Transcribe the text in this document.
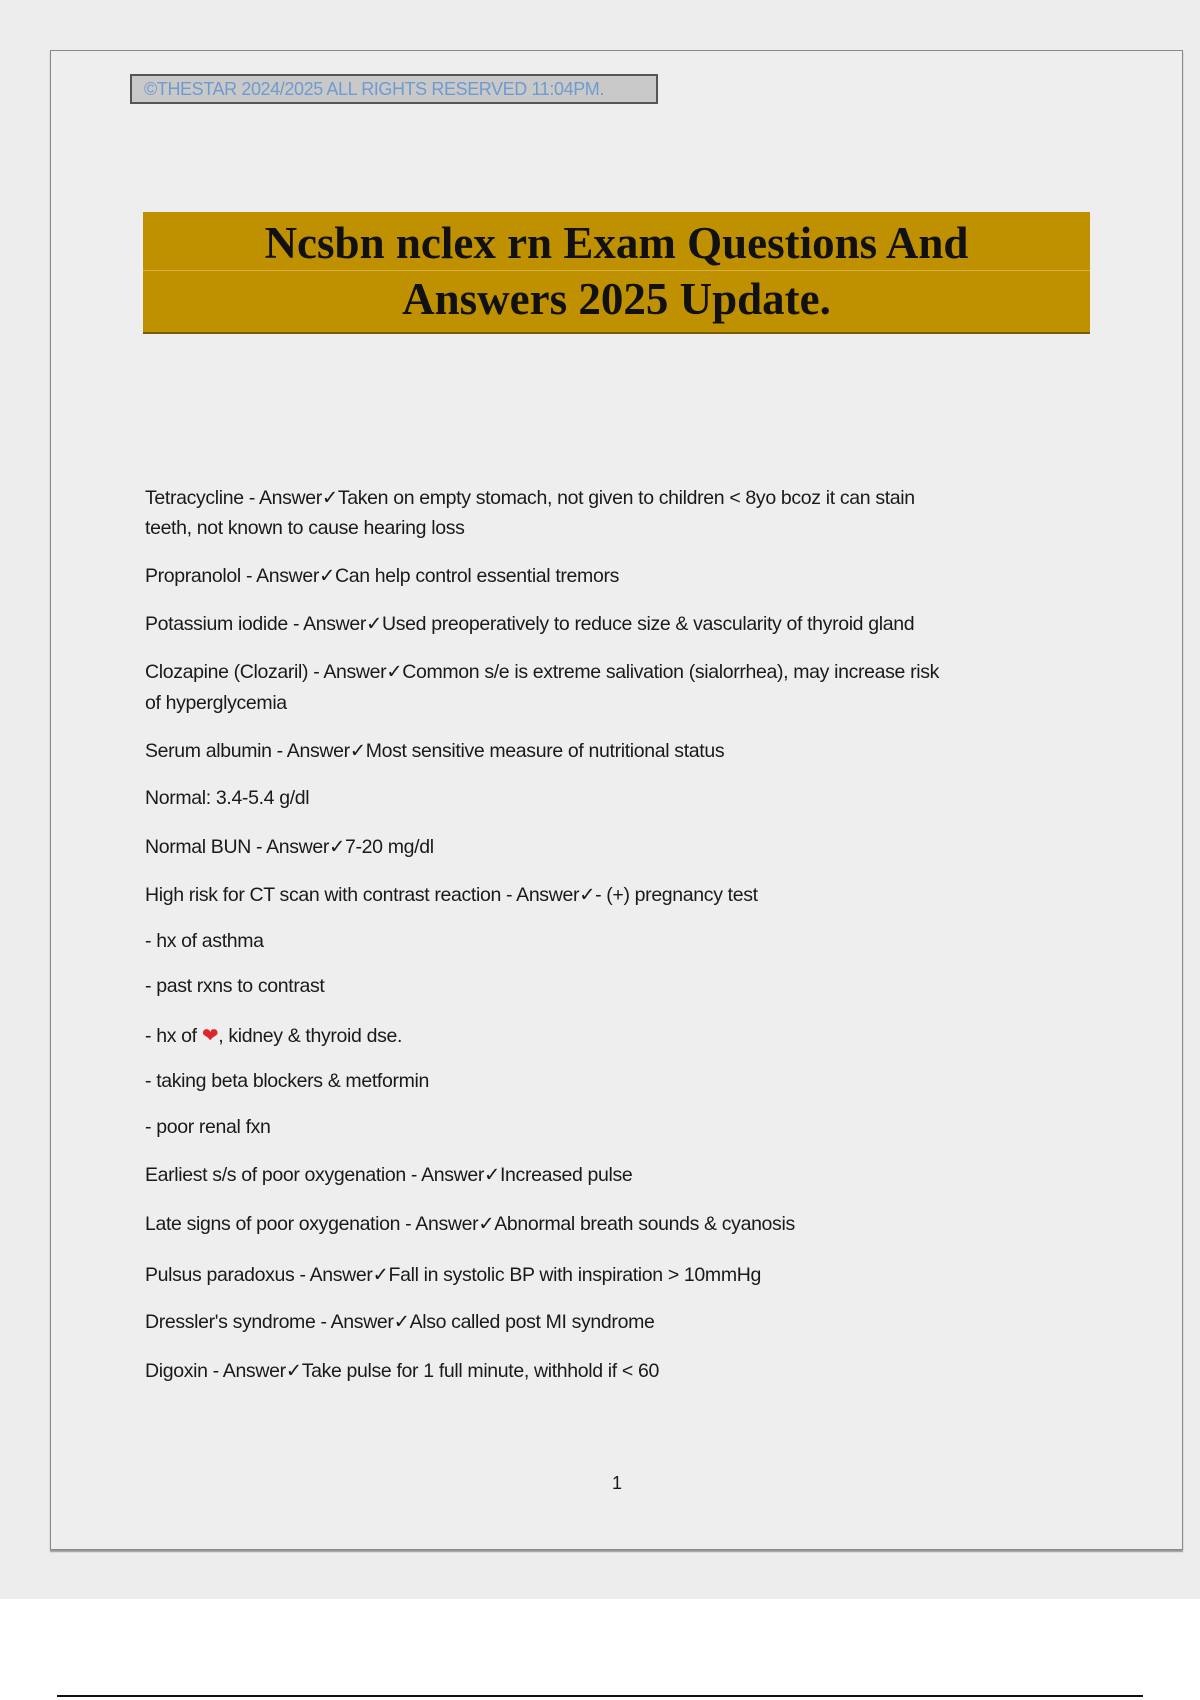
©THESTAR 2024/2025 ALL RIGHTS RESERVED 11:04PM.
Ncsbn nclex rn Exam Questions And
Answers 2025 Update.
Tetracycline - Answer✓Taken on empty stomach, not given to children < 8yo bcoz it can stain
teeth, not known to cause hearing loss
Propranolol - Answer✓Can help control essential tremors
Potassium iodide - Answer✓Used preoperatively to reduce size & vascularity of thyroid gland
Clozapine (Clozaril) - Answer✓Common s/e is extreme salivation (sialorrhea), may increase risk
of hyperglycemia
Serum albumin - Answer✓Most sensitive measure of nutritional status
Normal: 3.4-5.4 g/dl
Normal BUN - Answer✓7-20 mg/dl
High risk for CT scan with contrast reaction - Answer✓- (+) pregnancy test
- hx of asthma
- past rxns to contrast
- hx of ❤, kidney & thyroid dse.
- taking beta blockers & metformin
- poor renal fxn
Earliest s/s of poor oxygenation - Answer✓Increased pulse
Late signs of poor oxygenation - Answer✓Abnormal breath sounds & cyanosis
Pulsus paradoxus - Answer✓Fall in systolic BP with inspiration > 10mmHg
Dressler's syndrome - Answer✓Also called post MI syndrome
Digoxin - Answer✓Take pulse for 1 full minute, withhold if < 60
1
